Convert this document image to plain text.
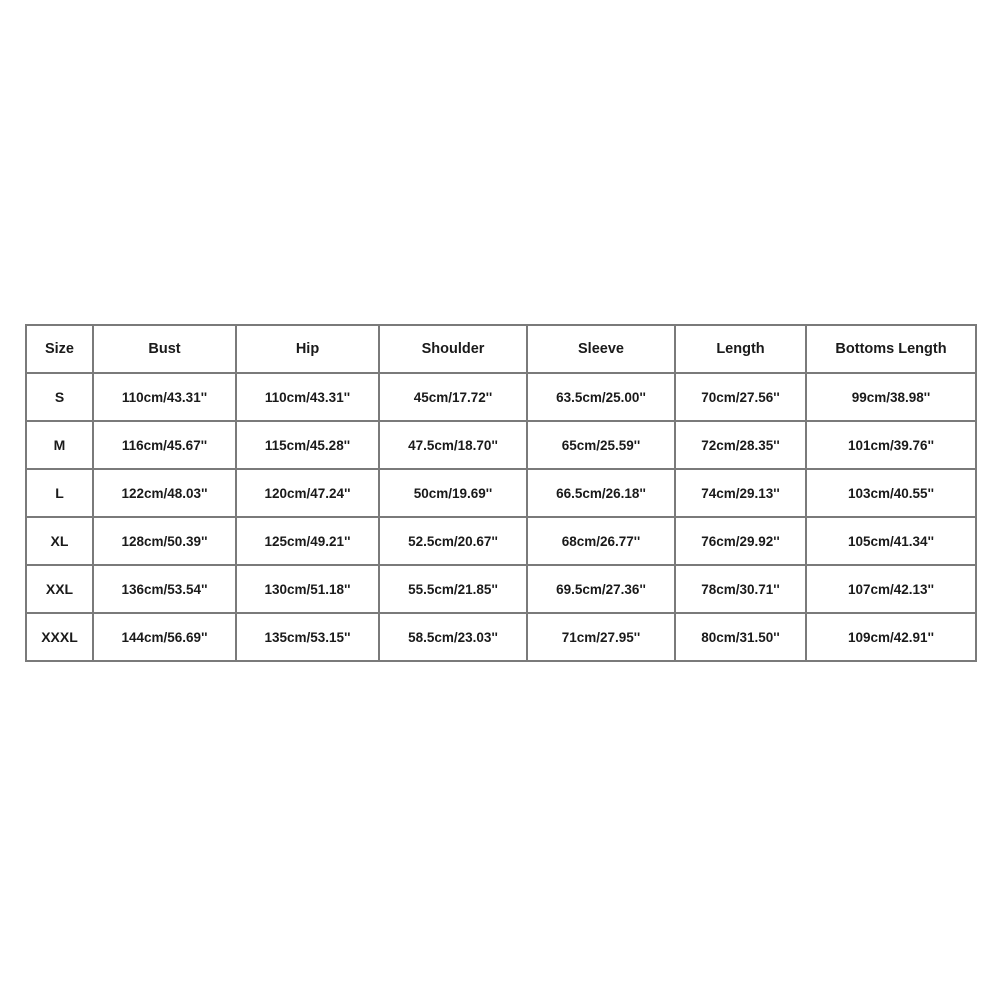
Size	Bust	Hip	Shoulder	Sleeve	Length	Bottoms Length
S	110cm/43.31''	110cm/43.31''	45cm/17.72''	63.5cm/25.00''	70cm/27.56''	99cm/38.98''
M	116cm/45.67''	115cm/45.28''	47.5cm/18.70''	65cm/25.59''	72cm/28.35''	101cm/39.76''
L	122cm/48.03''	120cm/47.24''	50cm/19.69''	66.5cm/26.18''	74cm/29.13''	103cm/40.55''
XL	128cm/50.39''	125cm/49.21''	52.5cm/20.67''	68cm/26.77''	76cm/29.92''	105cm/41.34''
XXL	136cm/53.54''	130cm/51.18''	55.5cm/21.85''	69.5cm/27.36''	78cm/30.71''	107cm/42.13''
XXXL	144cm/56.69''	135cm/53.15''	58.5cm/23.03''	71cm/27.95''	80cm/31.50''	109cm/42.91''
